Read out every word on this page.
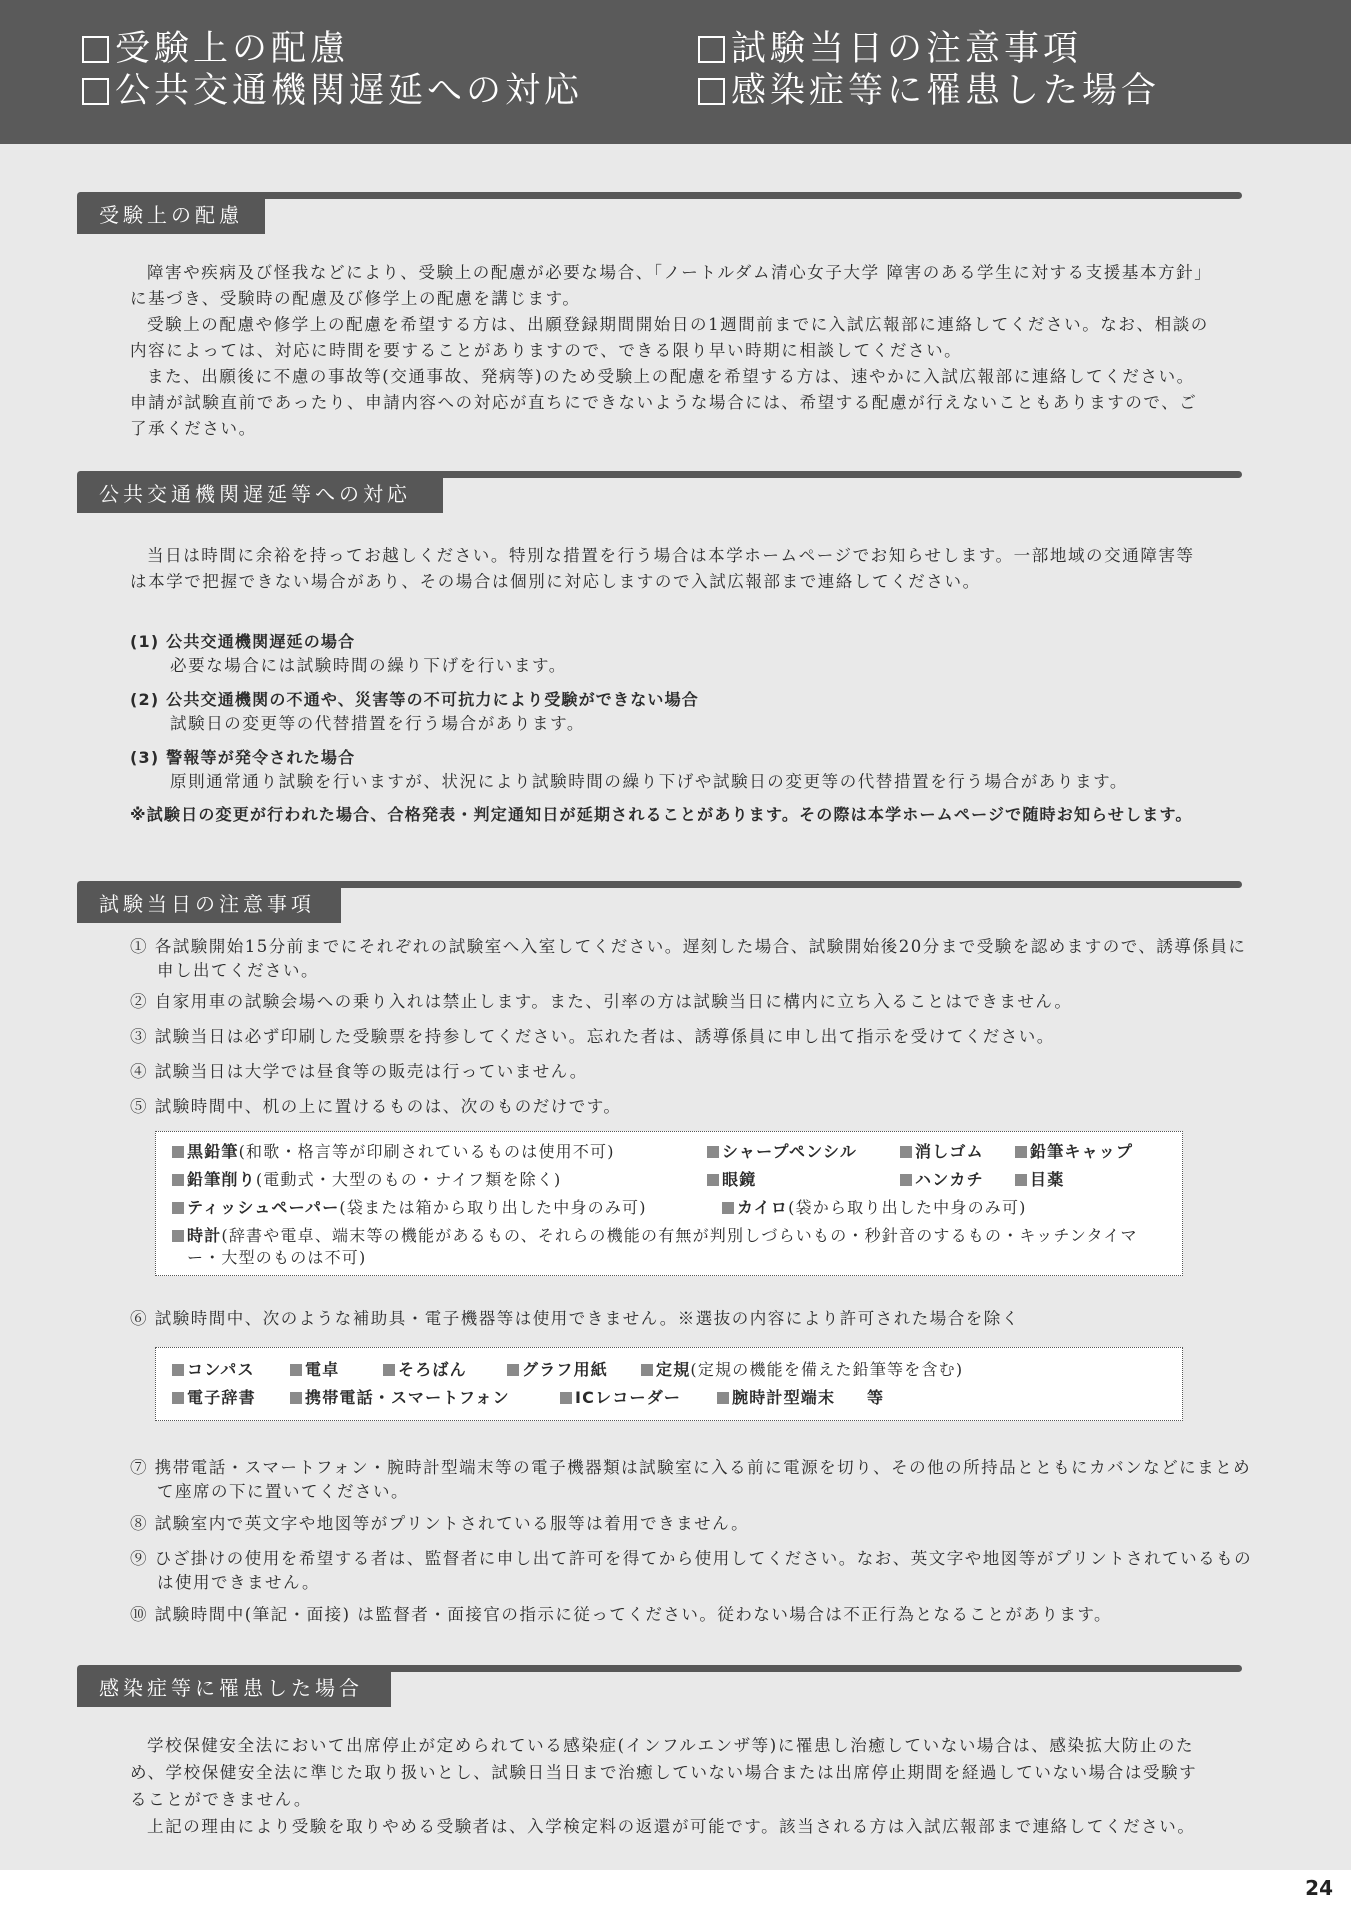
受験上の配慮
公共交通機関遅延への対応
試験当日の注意事項
感染症等に罹患した場合
受験上の配慮

障害や疾病及び怪我などにより、受験上の配慮が必要な場合、「ノートルダム清心女子大学 障害のある学生に対する支援基本方針」に基づき、受験時の配慮及び修学上の配慮を講じます。

受験上の配慮や修学上の配慮を希望する方は、出願登録期間開始日の1週間前までに入試広報部に連絡してください。なお、相談の内容によっては、対応に時間を要することがありますので、できる限り早い時期に相談してください。

また、出願後に不慮の事故等(交通事故、発病等)のため受験上の配慮を希望する方は、速やかに入試広報部に連絡してください。申請が試験直前であったり、申請内容への対応が直ちにできないような場合には、希望する配慮が行えないこともありますので、ご了承ください。

公共交通機関遅延等への対応

当日は時間に余裕を持ってお越しください。特別な措置を行う場合は本学ホームページでお知らせします。一部地域の交通障害等は本学で把握できない場合があり、その場合は個別に対応しますので入試広報部まで連絡してください。

(1) 公共交通機関遅延の場合
必要な場合には試験時間の繰り下げを行います。
(2) 公共交通機関の不通や、災害等の不可抗力により受験ができない場合
試験日の変更等の代替措置を行う場合があります。
(3) 警報等が発令された場合
原則通常通り試験を行いますが、状況により試験時間の繰り下げや試験日の変更等の代替措置を行う場合があります。
※試験日の変更が行われた場合、合格発表・判定通知日が延期されることがあります。その際は本学ホームページで随時お知らせします。
試験当日の注意事項
① 各試験開始15分前までにそれぞれの試験室へ入室してください。遅刻した場合、試験開始後20分まで受験を認めますので、誘導係員に申し出てください。
② 自家用車の試験会場への乗り入れは禁止します。また、引率の方は試験当日に構内に立ち入ることはできません。
③ 試験当日は必ず印刷した受験票を持参してください。忘れた者は、誘導係員に申し出て指示を受けてください。
④ 試験当日は大学では昼食等の販売は行っていません。
⑤ 試験時間中、机の上に置けるものは、次のものだけです。
黒鉛筆(和歌・格言等が印刷されているものは使用不可)	シャープペンシル	消しゴム	鉛筆キャップ
鉛筆削り(電動式・大型のもの・ナイフ類を除く)	眼鏡	ハンカチ	目薬
ティッシュペーパー(袋または箱から取り出した中身のみ可)	カイロ(袋から取り出した中身のみ可)
時計(辞書や電卓、端末等の機能があるもの、それらの機能の有無が判別しづらいもの・秒針音のするもの・キッチンタイマー・大型のものは不可)
⑥ 試験時間中、次のような補助具・電子機器等は使用できません。※選抜の内容により許可された場合を除く
コンパス	電卓	そろばん	グラフ用紙	定規(定規の機能を備えた鉛筆等を含む)
電子辞書	携帯電話・スマートフォン	ICレコーダー	腕時計型端末	等
⑦ 携帯電話・スマートフォン・腕時計型端末等の電子機器類は試験室に入る前に電源を切り、その他の所持品とともにカバンなどにまとめて座席の下に置いてください。
⑧ 試験室内で英文字や地図等がプリントされている服等は着用できません。
⑨ ひざ掛けの使用を希望する者は、監督者に申し出て許可を得てから使用してください。なお、英文字や地図等がプリントされているものは使用できません。
⑩ 試験時間中(筆記・面接) は監督者・面接官の指示に従ってください。従わない場合は不正行為となることがあります。
感染症等に罹患した場合

学校保健安全法において出席停止が定められている感染症(インフルエンザ等)に罹患し治癒していない場合は、感染拡大防止のため、学校保健安全法に準じた取り扱いとし、試験日当日まで治癒していない場合または出席停止期間を経過していない場合は受験することができません。

上記の理由により受験を取りやめる受験者は、入学検定料の返還が可能です。該当される方は入試広報部まで連絡してください。

24
